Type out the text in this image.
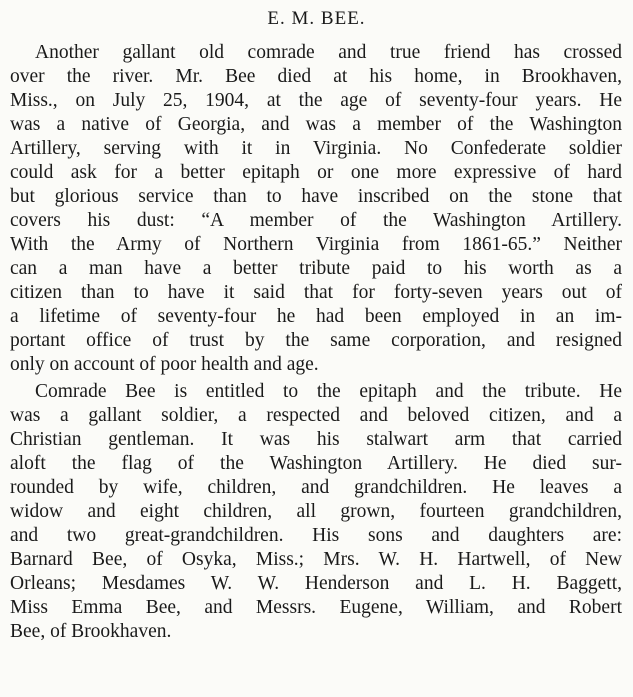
E. M. BEE.
Another gallant old comrade and true friend has crossed
over the river. Mr. Bee died at his home, in Brookhaven,
Miss., on July 25, 1904, at the age of seventy-four years. He
was a native of Georgia, and was a member of the Washington
Artillery, serving with it in Virginia. No Confederate soldier
could ask for a better epitaph or one more expressive of hard
but glorious service than to have inscribed on the stone that
covers his dust: “A member of the Washington Artillery.
With the Army of Northern Virginia from 1861-65.” Neither
can a man have a better tribute paid to his worth as a
citizen than to have it said that for forty-seven years out of
a lifetime of seventy-four he had been employed in an im-
portant office of trust by the same corporation, and resigned
only on account of poor health and age.
Comrade Bee is entitled to the epitaph and the tribute. He
was a gallant soldier, a respected and beloved citizen, and a
Christian gentleman. It was his stalwart arm that carried
aloft the flag of the Washington Artillery. He died sur-
rounded by wife, children, and grandchildren. He leaves a
widow and eight children, all grown, fourteen grandchildren,
and two great-grandchildren. His sons and daughters are:
Barnard Bee, of Osyka, Miss.; Mrs. W. H. Hartwell, of New
Orleans; Mesdames W. W. Henderson and L. H. Baggett,
Miss Emma Bee, and Messrs. Eugene, William, and Robert
Bee, of Brookhaven.
